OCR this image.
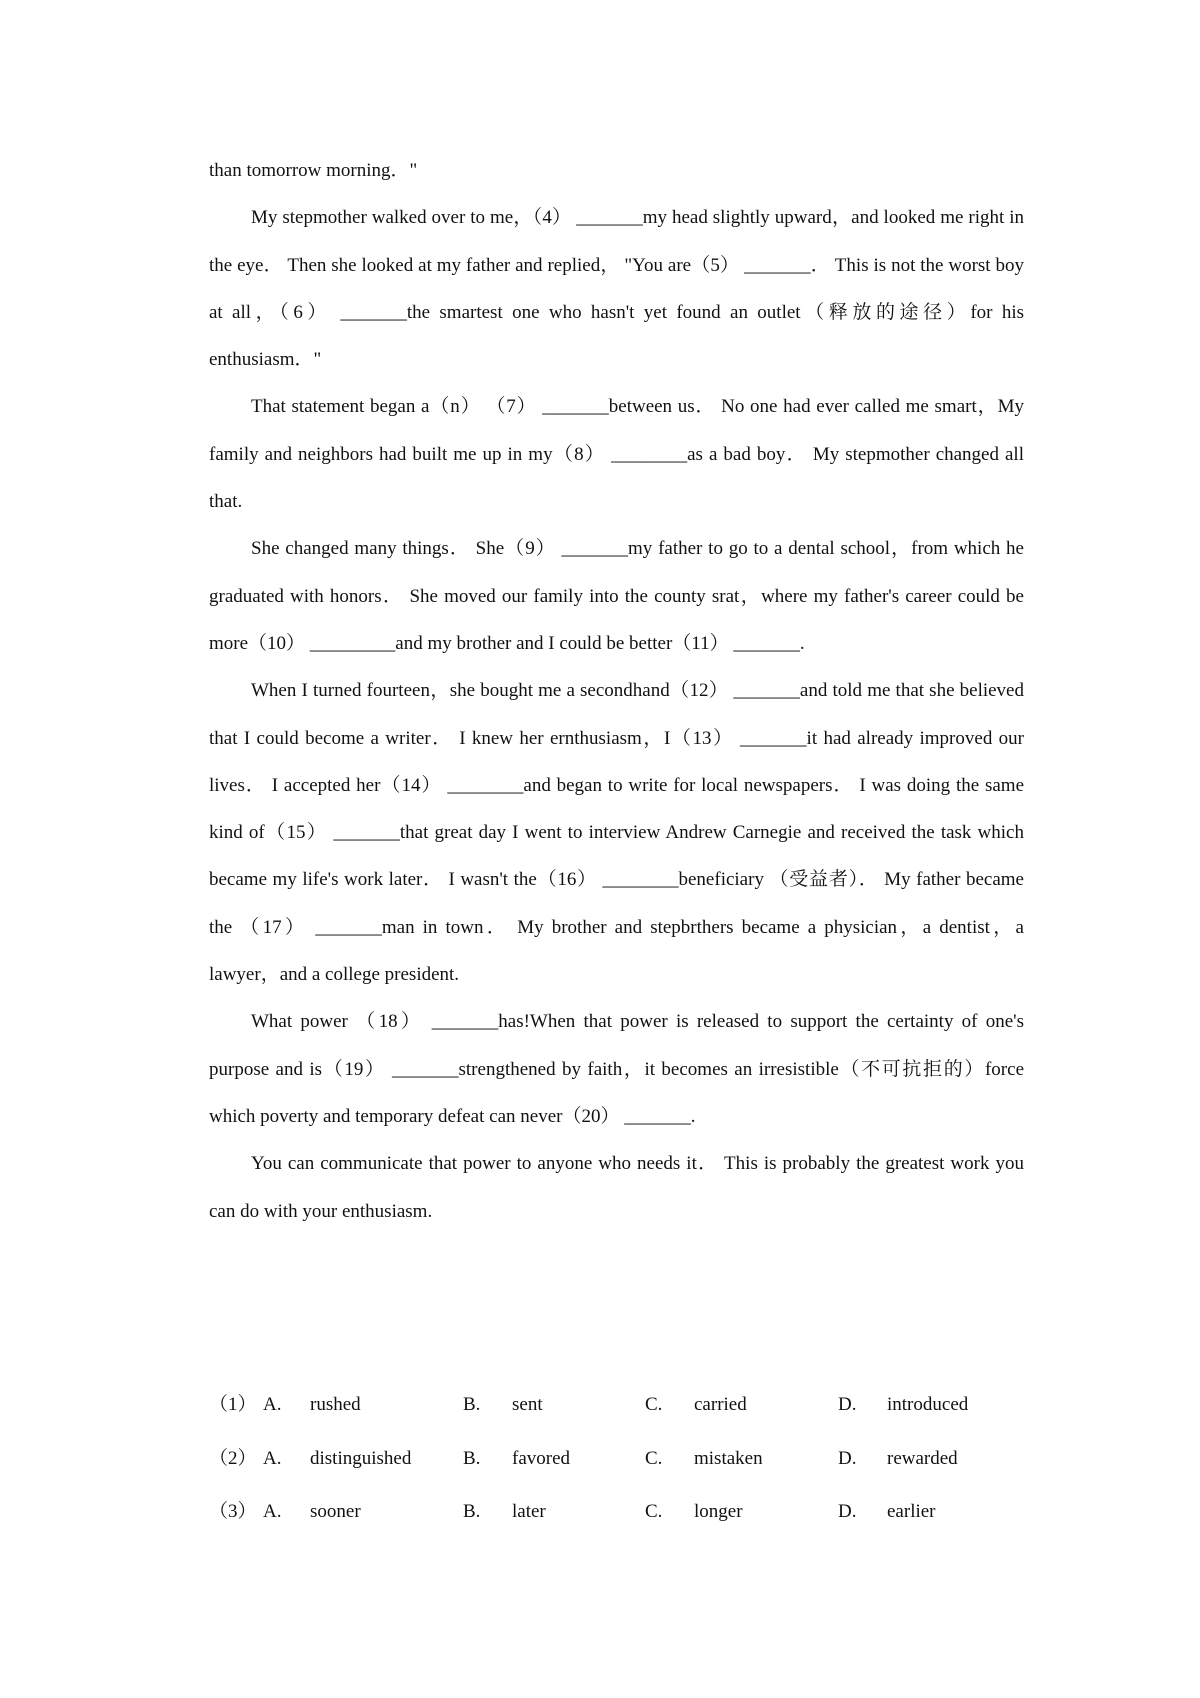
than tomorrow morning．"

My stepmother walked over to me，（4） _______my head slightly upward，and looked me right in the eye． Then she looked at my father and replied， "You are（5） _______． This is not the worst boy at all，（6） _______the smartest one who hasn't yet found an outlet（释放的途径）for his enthusiasm．"

That statement began a（n） （7） _______between us． No one had ever called me smart，My family and neighbors had built me up in my（8） ________as a bad boy． My stepmother changed all that.

She changed many things． She（9） _______my father to go to a dental school，from which he graduated with honors． She moved our family into the county srat，where my father's career could be more（10） _________and my brother and I could be better（11） _______.

When I turned fourteen，she bought me a secondhand（12） _______and told me that she believed that I could become a writer． I knew her ernthusiasm，I（13） _______it had already improved our lives． I accepted her（14） ________and began to write for local newspapers． I was doing the same kind of（15） _______that great day I went to interview Andrew Carnegie and received the task which became my life's work later． I wasn't the（16） ________beneficiary （受益者）． My father became the （17） _______man in town． My brother and stepbrthers became a physician，a dentist，a lawyer，and a college president.

What power （18） _______has!When that power is released to support the certainty of one's purpose and is（19） _______strengthened by faith，it becomes an irresistible（不可抗拒的）force which poverty and temporary defeat can never（20） _______.

You can communicate that power to anyone who needs it． This is probably the greatest work you can do with your enthusiasm.

（1） A. rushed	B. sent	C. carried	D. introduced
（2） A. distinguished	B. favored	C. mistaken	D. rewarded
（3） A. sooner	B. later	C. longer	D. earlier
